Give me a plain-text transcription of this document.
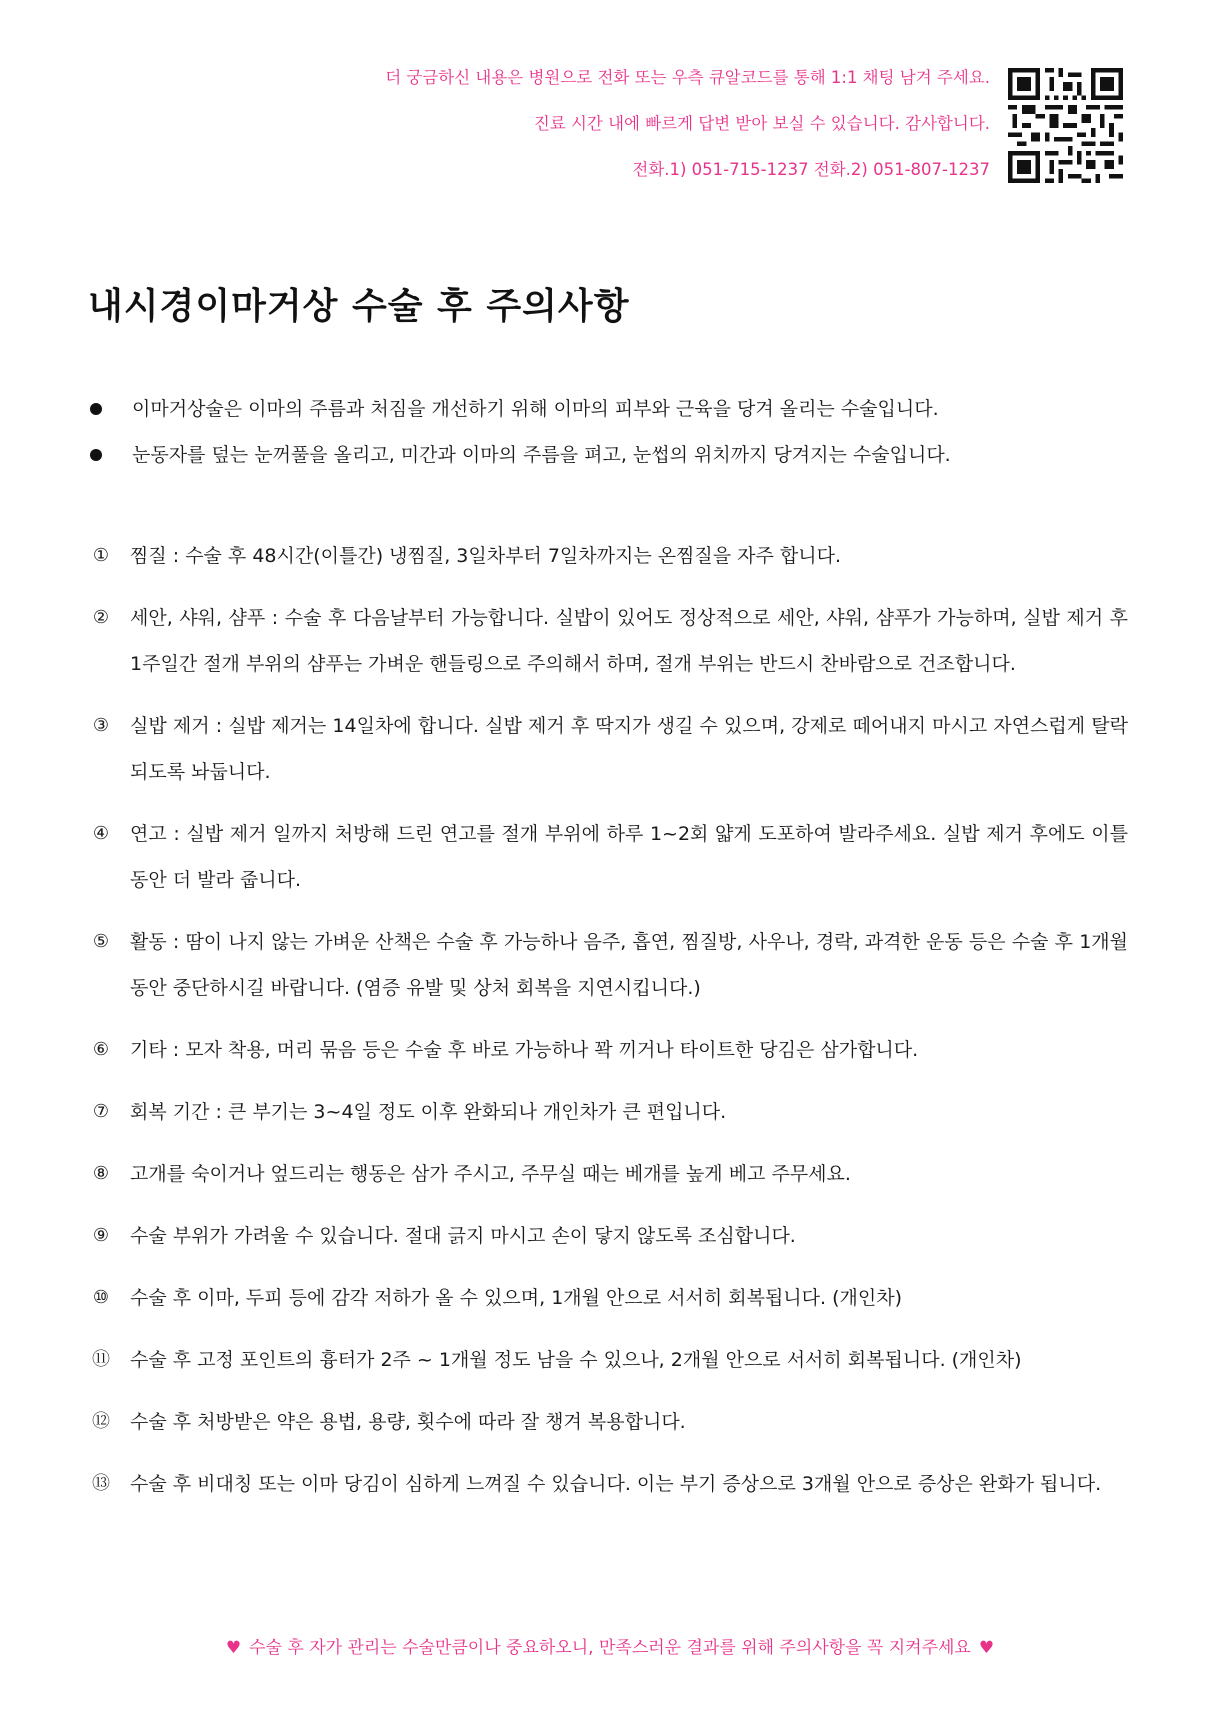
더 궁금하신 내용은 병원으로 전화 또는 우측 큐알코드를 통해 1:1 채팅 남겨 주세요.
진료 시간 내에 빠르게 답변 받아 보실 수 있습니다. 감사합니다.
전화.1) 051-715-1237 전화.2) 051-807-1237
내시경이마거상 수술 후 주의사항
이마거상술은 이마의 주름과 처짐을 개선하기 위해 이마의 피부와 근육을 당겨 올리는 수술입니다.
눈동자를 덮는 눈꺼풀을 올리고, 미간과 이마의 주름을 펴고, 눈썹의 위치까지 당겨지는 수술입니다.
① 찜질 : 수술 후 48시간(이틀간) 냉찜질, 3일차부터 7일차까지는 온찜질을 자주 합니다.
② 세안, 샤워, 샴푸 : 수술 후 다음날부터 가능합니다. 실밥이 있어도 정상적으로 세안, 샤워, 샴푸가 가능하며, 실밥 제거 후 1주일간 절개 부위의 샴푸는 가벼운 핸들링으로 주의해서 하며, 절개 부위는 반드시 찬바람으로 건조합니다.
③ 실밥 제거 : 실밥 제거는 14일차에 합니다. 실밥 제거 후 딱지가 생길 수 있으며, 강제로 떼어내지 마시고 자연스럽게 탈락되도록 놔둡니다.
④ 연고 : 실밥 제거 일까지 처방해 드린 연고를 절개 부위에 하루 1~2회 얇게 도포하여 발라주세요. 실밥 제거 후에도 이틀 동안 더 발라 줍니다.
⑤ 활동 : 땀이 나지 않는 가벼운 산책은 수술 후 가능하나 음주, 흡연, 찜질방, 사우나, 경락, 과격한 운동 등은 수술 후 1개월 동안 중단하시길 바랍니다. (염증 유발 및 상처 회복을 지연시킵니다.)
⑥ 기타 : 모자 착용, 머리 묶음 등은 수술 후 바로 가능하나 꽉 끼거나 타이트한 당김은 삼가합니다.
⑦ 회복 기간 : 큰 부기는 3~4일 정도 이후 완화되나 개인차가 큰 편입니다.
⑧ 고개를 숙이거나 엎드리는 행동은 삼가 주시고, 주무실 때는 베개를 높게 베고 주무세요.
⑨ 수술 부위가 가려울 수 있습니다. 절대 긁지 마시고 손이 닿지 않도록 조심합니다.
⑩ 수술 후 이마, 두피 등에 감각 저하가 올 수 있으며, 1개월 안으로 서서히 회복됩니다. (개인차)
⑪ 수술 후 고정 포인트의 흉터가 2주 ~ 1개월 정도 남을 수 있으나, 2개월 안으로 서서히 회복됩니다. (개인차)
⑫ 수술 후 처방받은 약은 용법, 용량, 횟수에 따라 잘 챙겨 복용합니다.
⑬ 수술 후 비대칭 또는 이마 당김이 심하게 느껴질 수 있습니다. 이는 부기 증상으로 3개월 안으로 증상은 완화가 됩니다.
♥ 수술 후 자가 관리는 수술만큼이나 중요하오니, 만족스러운 결과를 위해 주의사항을 꼭 지켜주세요 ♥
